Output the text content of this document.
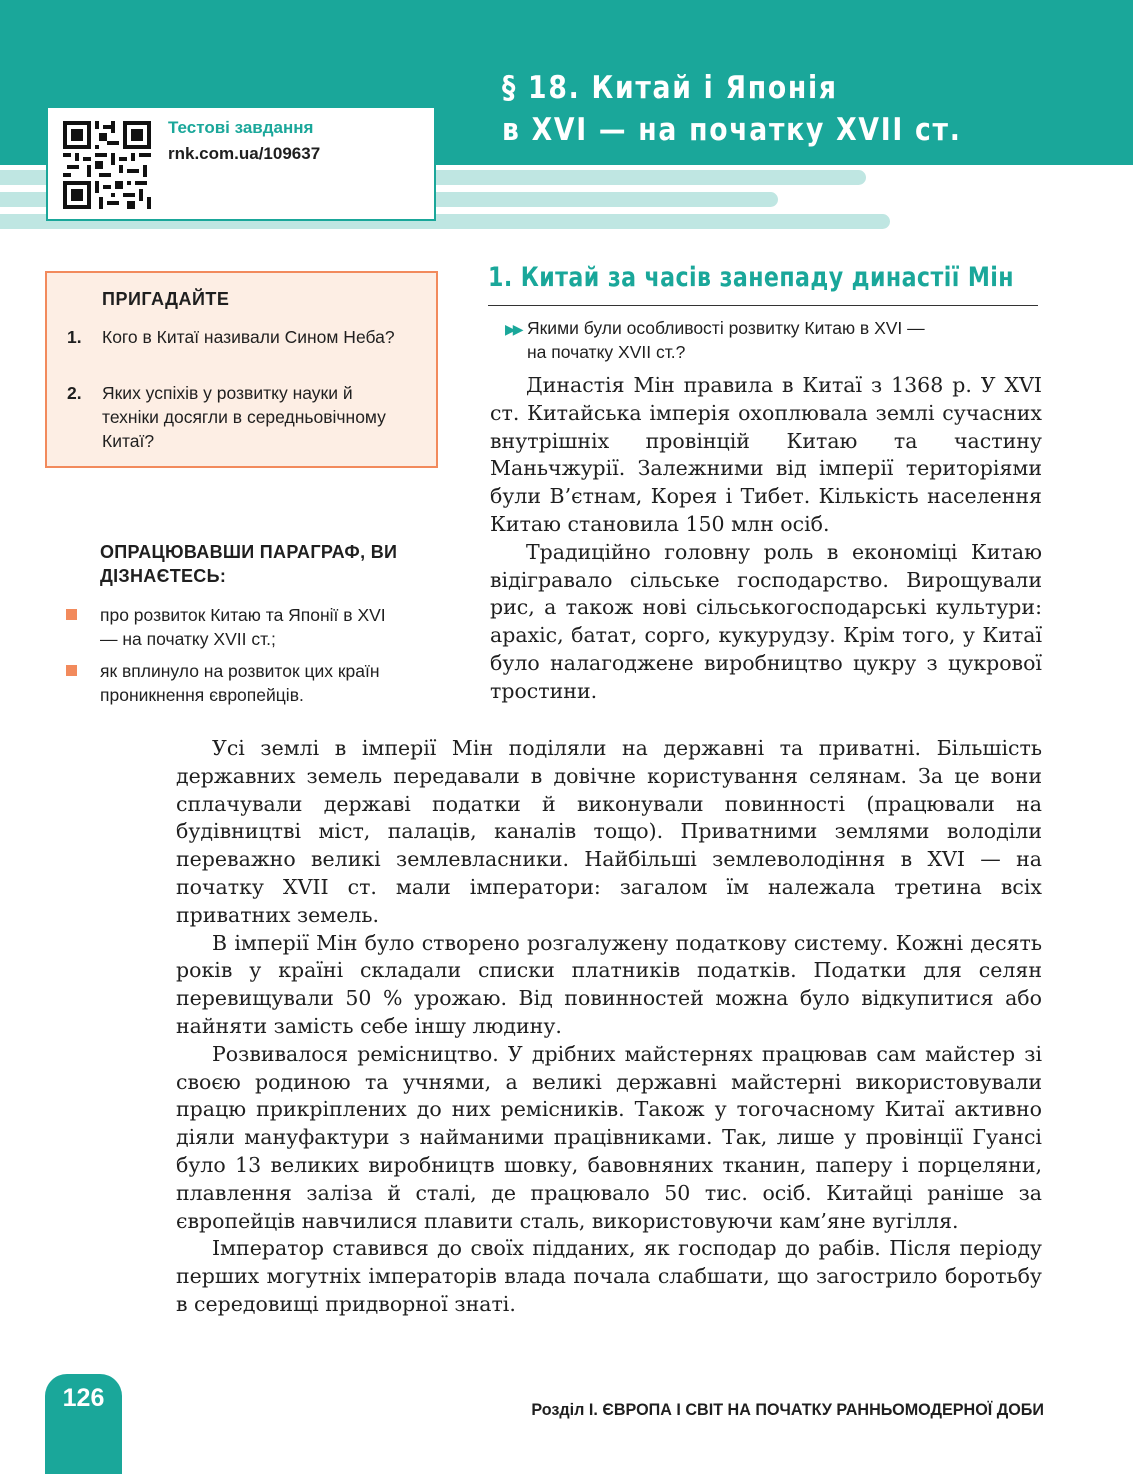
§ 18. Китай і Японія
в XVI — на початку XVII ст.
Тестові завдання
rnk.com.ua/109637
ПРИГАДАЙТЕ
1. Кого в Китаї називали Сином Неба?
2. Яких успіхів у розвитку науки й техніки досягли в середньовічному Китаї?
ОПРАЦЮВАВШИ ПАРАГРАФ, ВИ ДІЗНАЄТЕСЬ:
про розвиток Китаю та Японії в XVI — на початку XVII ст.;
як вплинуло на розвиток цих країн проникнення європейців.
1. Китай за часів занепаду династії Мін
▶▶ Якими були особливості розвитку Китаю в XVI — на початку XVII ст.?

Династія Мін правила в Китаї з 1368 р. У XVI ст. Китайська імперія охоплювала землі сучасних внутрішніх провінцій Китаю та частину Маньчжурії. Залежними від імперії територіями були В’єтнам, Корея і Тибет. Кількість населення Китаю становила 150 млн осіб.

Традиційно головну роль в економіці Китаю відігравало сільське господарство. Вирощували рис, а також нові сільськогосподарські культури: арахіс, батат, сорго, кукурудзу. Крім того, у Китаї було налагоджене виробництво цукру з цукрової тростини.

Усі землі в імперії Мін поділяли на державні та приватні. Більшість державних земель передавали в довічне користування селянам. За це вони сплачували державі податки й виконували повинності (працювали на будівництві міст, палаців, каналів тощо). Приватними землями володіли переважно великі землевласники. Найбільші землеволодіння в XVI — на початку XVII ст. мали імператори: загалом їм належала третина всіх приватних земель.

В імперії Мін було створено розгалужену податкову систему. Кожні десять років у країні складали списки платників податків. Податки для селян перевищували 50 % урожаю. Від повинностей можна було відкупитися або найняти замість себе іншу людину.

Розвивалося ремісництво. У дрібних майстернях працював сам майстер зі своєю родиною та учнями, а великі державні майстерні використовували працю прикріплених до них ремісників. Також у тогочасному Китаї активно діяли мануфактури з найманими працівниками. Так, лише у провінції Гуансі було 13 великих виробництв шовку, бавовняних тканин, паперу і порцеляни, плавлення заліза й сталі, де працювало 50 тис. осіб. Китайці раніше за європейців навчилися плавити сталь, використовуючи кам’яне вугілля.

Імператор ставився до своїх підданих, як господар до рабів. Після періоду перших могутніх імператорів влада почала слабшати, що загострило боротьбу в середовищі придворної знаті.

126	Розділ I. ЄВРОПА І СВІТ НА ПОЧАТКУ РАННЬОМОДЕРНОЇ ДОБИ
